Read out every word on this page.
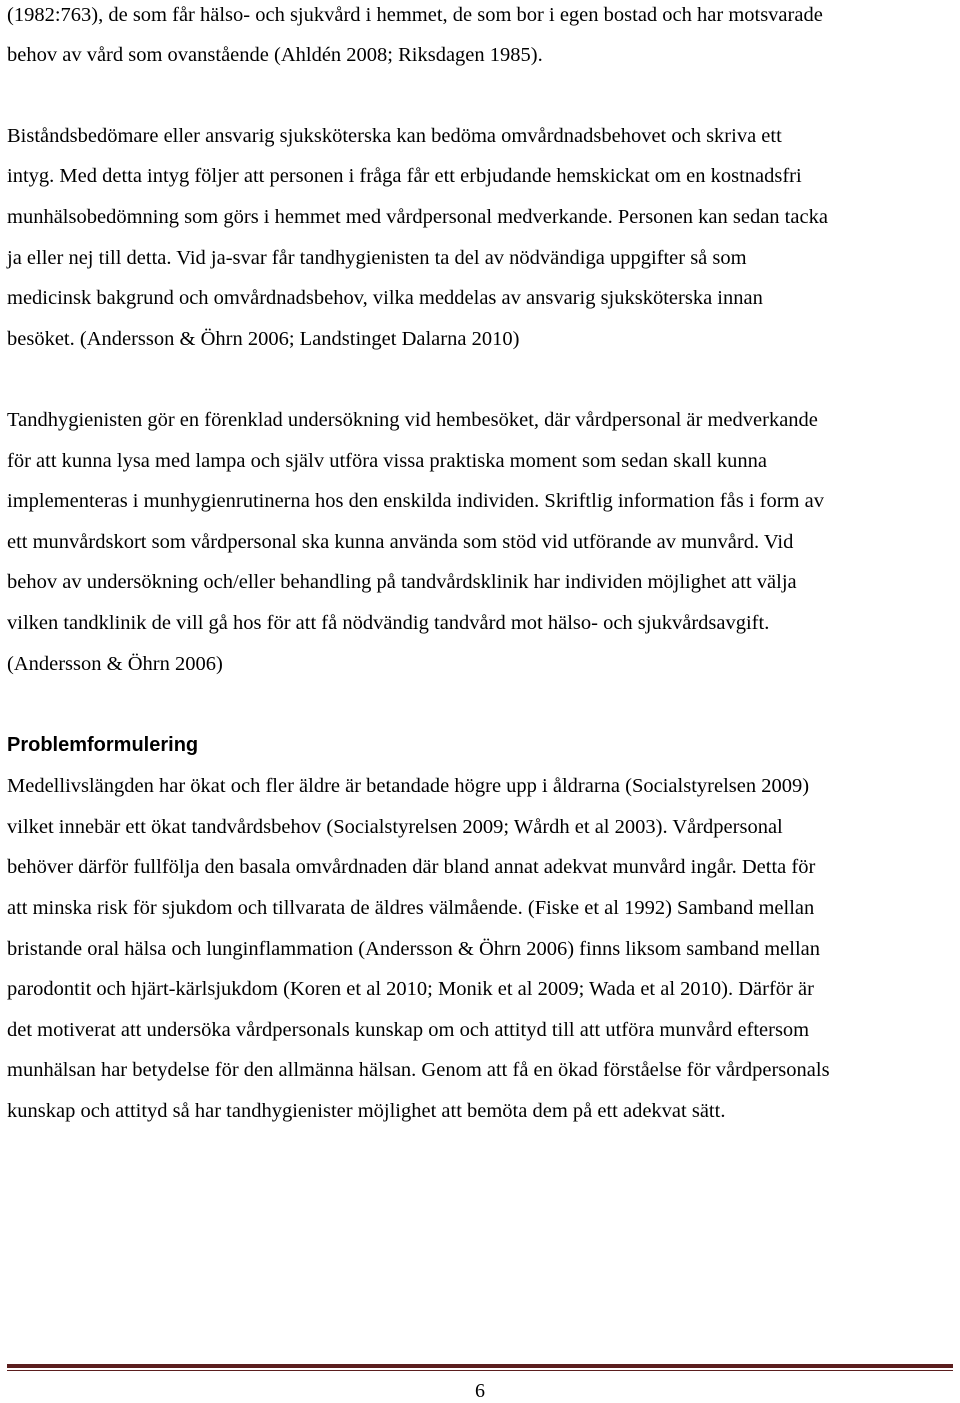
(1982:763), de som får hälso- och sjukvård i hemmet, de som bor i egen bostad och har motsvarade
behov av vård som ovanstående (Ahldén 2008; Riksdagen 1985).
Biståndsbedömare eller ansvarig sjuksköterska kan bedöma omvårdnadsbehovet och skriva ett
intyg. Med detta intyg följer att personen i fråga får ett erbjudande hemskickat om en kostnadsfri
munhälsobedömning som görs i hemmet med vårdpersonal medverkande. Personen kan sedan tacka
ja eller nej till detta. Vid ja-svar får tandhygienisten ta del av nödvändiga uppgifter så som
medicinsk bakgrund och omvårdnadsbehov, vilka meddelas av ansvarig sjuksköterska innan
besöket. (Andersson & Öhrn 2006; Landstinget Dalarna 2010)
Tandhygienisten gör en förenklad undersökning vid hembesöket, där vårdpersonal är medverkande
för att kunna lysa med lampa och själv utföra vissa praktiska moment som sedan skall kunna
implementeras i munhygienrutinerna hos den enskilda individen. Skriftlig information fås i form av
ett munvårdskort som vårdpersonal ska kunna använda som stöd vid utförande av munvård. Vid
behov av undersökning och/eller behandling på tandvårdsklinik har individen möjlighet att välja
vilken tandklinik de vill gå hos för att få nödvändig tandvård mot hälso- och sjukvårdsavgift.
(Andersson & Öhrn 2006)
Problemformulering
Medellivslängden har ökat och fler äldre är betandade högre upp i åldrarna (Socialstyrelsen 2009)
vilket innebär ett ökat tandvårdsbehov (Socialstyrelsen 2009; Wårdh et al 2003). Vårdpersonal
behöver därför fullfölja den basala omvårdnaden där bland annat adekvat munvård ingår. Detta för
att minska risk för sjukdom och tillvarata de äldres välmående. (Fiske et al 1992) Samband mellan
bristande oral hälsa och lunginflammation (Andersson & Öhrn 2006) finns liksom samband mellan
parodontit och hjärt-kärlsjukdom (Koren et al 2010; Monik et al 2009; Wada et al 2010). Därför är
det motiverat att undersöka vårdpersonals kunskap om och attityd till att utföra munvård eftersom
munhälsan har betydelse för den allmänna hälsan. Genom att få en ökad förståelse för vårdpersonals
kunskap och attityd så har tandhygienister möjlighet att bemöta dem på ett adekvat sätt.
6
